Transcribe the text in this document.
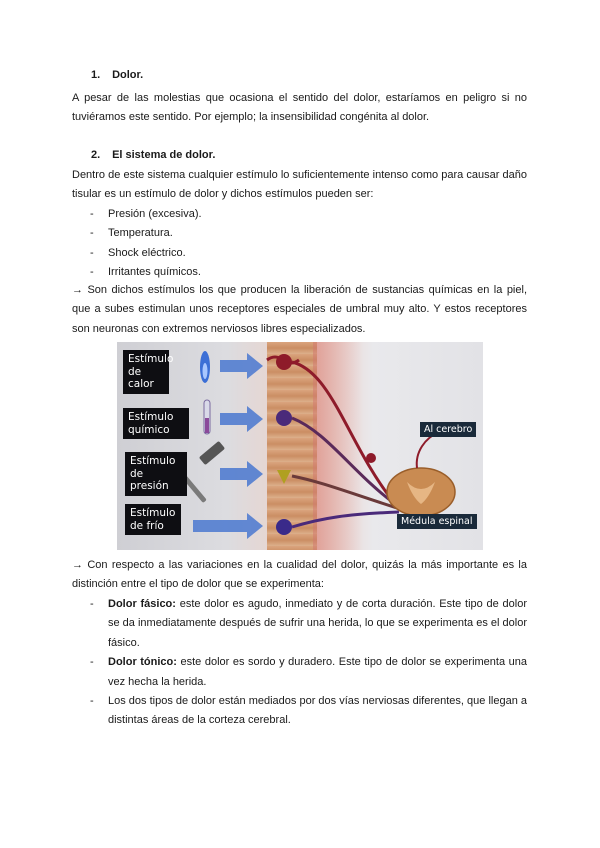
1. Dolor.

A pesar de las molestias que ocasiona el sentido del dolor, estaríamos en peligro si no tuviéramos este sentido. Por ejemplo; la insensibilidad congénita al dolor.

2. El sistema de dolor.

Dentro de este sistema cualquier estímulo lo suficientemente intenso como para causar daño tisular es un estímulo de dolor y dichos estímulos pueden ser:

- Presión (excesiva).
- Temperatura.
- Shock eléctrico.
- Irritantes químicos.

→ Son dichos estímulos los que producen la liberación de sustancias químicas en la piel, que a subes estimulan unos receptores especiales de umbral muy alto. Y estos receptores son neuronas con extremos nerviosos libres especializados.

Estímulo de calor
Estímulo químico
Estímulo de presión
Estímulo de frío
Al cerebro
Médula espinal

→ Con respecto a las variaciones en la cualidad del dolor, quizás la más importante es la distinción entre el tipo de dolor que se experimenta:

- Dolor fásico: este dolor es agudo, inmediato y de corta duración. Este tipo de dolor se da inmediatamente después de sufrir una herida, lo que se experimenta es el dolor fásico.
- Dolor tónico: este dolor es sordo y duradero. Este tipo de dolor se experimenta una vez hecha la herida.
- Los dos tipos de dolor están mediados por dos vías nerviosas diferentes, que llegan a distintas áreas de la corteza cerebral.
